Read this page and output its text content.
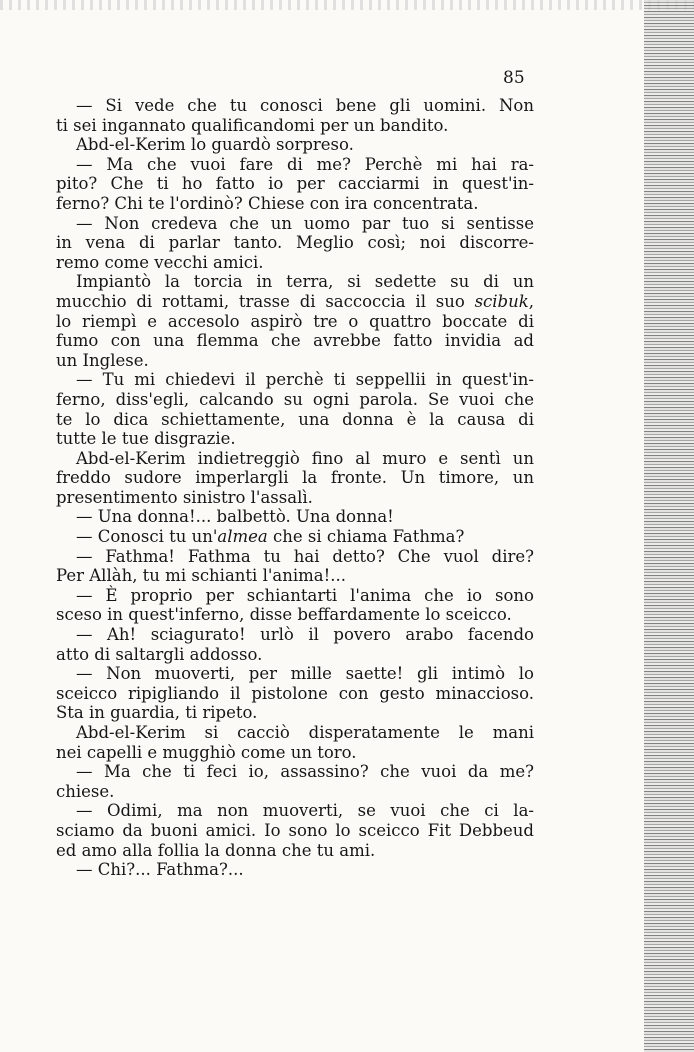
85
— Si vede che tu conosci bene gli uomini. Non
ti sei ingannato qualificandomi per un bandito.
Abd-el-Kerim lo guardò sorpreso.
— Ma che vuoi fare di me? Perchè mi hai ra-
pito? Che ti ho fatto io per cacciarmi in quest'in-
ferno? Chi te l'ordinò? Chiese con ira concentrata.
— Non credeva che un uomo par tuo si sentisse
in vena di parlar tanto. Meglio così; noi discorre-
remo come vecchi amici.
Impiantò la torcia in terra, si sedette su di un
mucchio di rottami, trasse di saccoccia il suo scibuk,
lo riempì e accesolo aspirò tre o quattro boccate di
fumo con una flemma che avrebbe fatto invidia ad
un Inglese.
— Tu mi chiedevi il perchè ti seppellii in quest'in-
ferno, diss'egli, calcando su ogni parola. Se vuoi che
te lo dica schiettamente, una donna è la causa di
tutte le tue disgrazie.
Abd-el-Kerim indietreggiò fino al muro e sentì un
freddo sudore imperlargli la fronte. Un timore, un
presentimento sinistro l'assalì.
— Una donna!... balbettò. Una donna!
— Conosci tu un'almea che si chiama Fathma?
— Fathma! Fathma tu hai detto? Che vuol dire?
Per Allàh, tu mi schianti l'anima!...
— È proprio per schiantarti l'anima che io sono
sceso in quest'inferno, disse beffardamente lo sceicco.
— Ah! sciagurato! urlò il povero arabo facendo
atto di saltargli addosso.
— Non muoverti, per mille saette! gli intimò lo
sceicco ripigliando il pistolone con gesto minaccioso.
Sta in guardia, ti ripeto.
Abd-el-Kerim si cacciò disperatamente le mani
nei capelli e mugghiò come un toro.
— Ma che ti feci io, assassino? che vuoi da me?
chiese.
— Odimi, ma non muoverti, se vuoi che ci la-
sciamo da buoni amici. Io sono lo sceicco Fit Debbeud
ed amo alla follia la donna che tu ami.
— Chi?... Fathma?...
